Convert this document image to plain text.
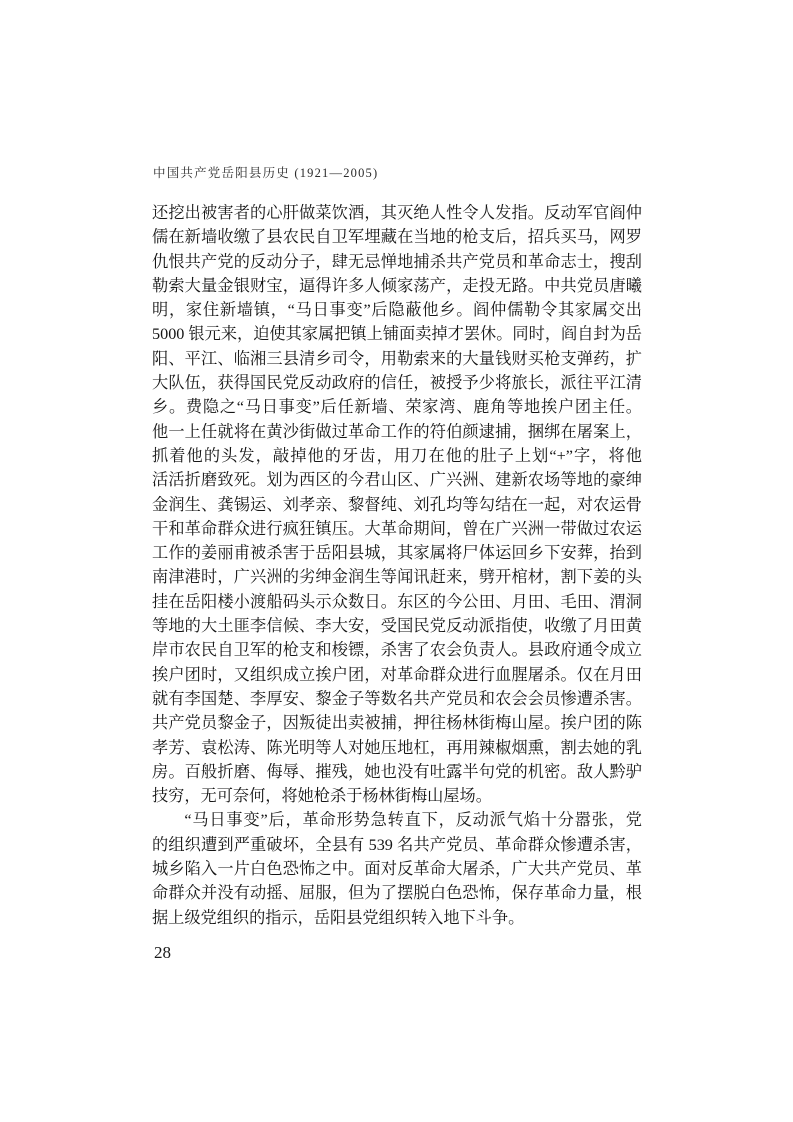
中国共产党岳阳县历史 (1921—2005)
还挖出被害者的心肝做菜饮酒，其灭绝人性令人发指。反动军官阎仲
儒在新墙收缴了县农民自卫军埋藏在当地的枪支后，招兵买马，网罗
仇恨共产党的反动分子，肆无忌惮地捕杀共产党员和革命志士，搜刮
勒索大量金银财宝，逼得许多人倾家荡产，走投无路。中共党员唐曦
明，家住新墙镇，“马日事变”后隐蔽他乡。阎仲儒勒令其家属交出
5000 银元来，迫使其家属把镇上铺面卖掉才罢休。同时，阎自封为岳
阳、平江、临湘三县清乡司令，用勒索来的大量钱财买枪支弹药，扩
大队伍，获得国民党反动政府的信任，被授予少将旅长，派往平江清
乡。费隐之“马日事变”后任新墙、荣家湾、鹿角等地挨户团主任。
他一上任就将在黄沙街做过革命工作的符伯颜逮捕，捆绑在屠案上，
抓着他的头发，敲掉他的牙齿，用刀在他的肚子上划“+”字，将他
活活折磨致死。划为西区的今君山区、广兴洲、建新农场等地的豪绅
金润生、龚锡运、刘孝亲、黎督纯、刘孔均等勾结在一起，对农运骨
干和革命群众进行疯狂镇压。大革命期间，曾在广兴洲一带做过农运
工作的姜丽甫被杀害于岳阳县城，其家属将尸体运回乡下安葬，抬到
南津港时，广兴洲的劣绅金润生等闻讯赶来，劈开棺材，割下姜的头
挂在岳阳楼小渡船码头示众数日。东区的今公田、月田、毛田、渭洞
等地的大土匪李信候、李大安，受国民党反动派指使，收缴了月田黄
岸市农民自卫军的枪支和梭镖，杀害了农会负责人。县政府通令成立
挨户团时，又组织成立挨户团，对革命群众进行血腥屠杀。仅在月田
就有李国楚、李厚安、黎金子等数名共产党员和农会会员惨遭杀害。
共产党员黎金子，因叛徒出卖被捕，押往杨林街梅山屋。挨户团的陈
孝芳、袁松涛、陈光明等人对她压地杠，再用辣椒烟熏，割去她的乳
房。百般折磨、侮辱、摧残，她也没有吐露半句党的机密。敌人黔驴
技穷，无可奈何，将她枪杀于杨林街梅山屋场。
“马日事变”后，革命形势急转直下，反动派气焰十分嚣张，党
的组织遭到严重破坏，全县有 539 名共产党员、革命群众惨遭杀害，
城乡陷入一片白色恐怖之中。面对反革命大屠杀，广大共产党员、革
命群众并没有动摇、屈服，但为了摆脱白色恐怖，保存革命力量，根
据上级党组织的指示，岳阳县党组织转入地下斗争。
28
